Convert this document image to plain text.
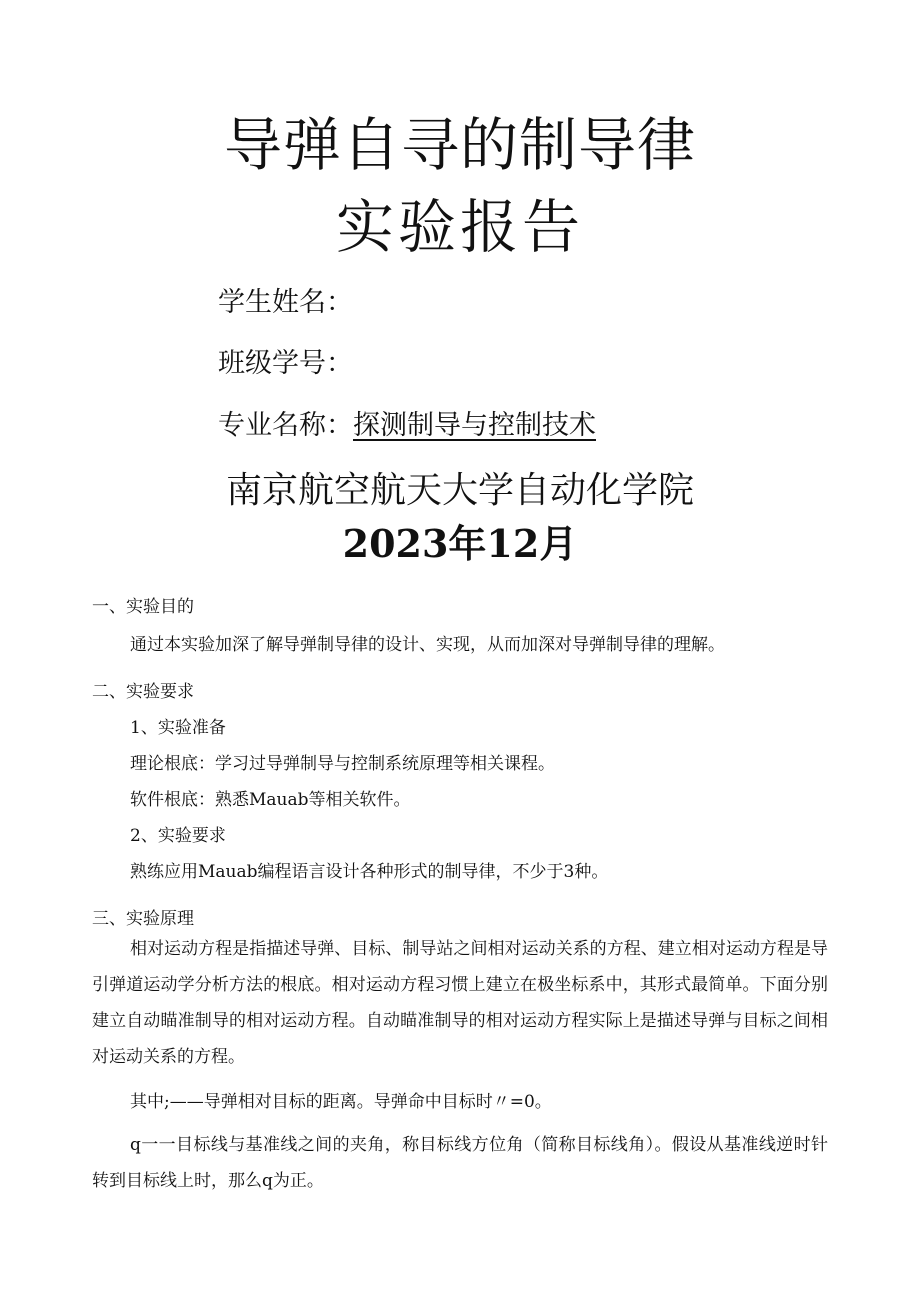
导弹自寻的制导律
实验报告
学生姓名：
班级学号：
专业名称：探测制导与控制技术
南京航空航天大学自动化学院
2023年12月
一、实验目的
通过本实验加深了解导弹制导律的设计、实现，从而加深对导弹制导律的理解。
二、实验要求
1、实验准备
理论根底：学习过导弹制导与控制系统原理等相关课程。
软件根底：熟悉Mauab等相关软件。
2、实验要求
熟练应用Mauab编程语言设计各种形式的制导律，不少于3种。
三、实验原理
相对运动方程是指描述导弹、目标、制导站之间相对运动关系的方程、建立相对运动方程是导引弹道运动学分析方法的根底。相对运动方程习惯上建立在极坐标系中，其形式最简单。下面分别建立自动瞄准制导的相对运动方程。自动瞄准制导的相对运动方程实际上是描述导弹与目标之间相对运动关系的方程。
其中;——导弹相对目标的距离。导弹命中目标时〃=0。
q一一目标线与基准线之间的夹角，称目标线方位角（简称目标线角）。假设从基准线逆时针转到目标线上时，那么q为正。
